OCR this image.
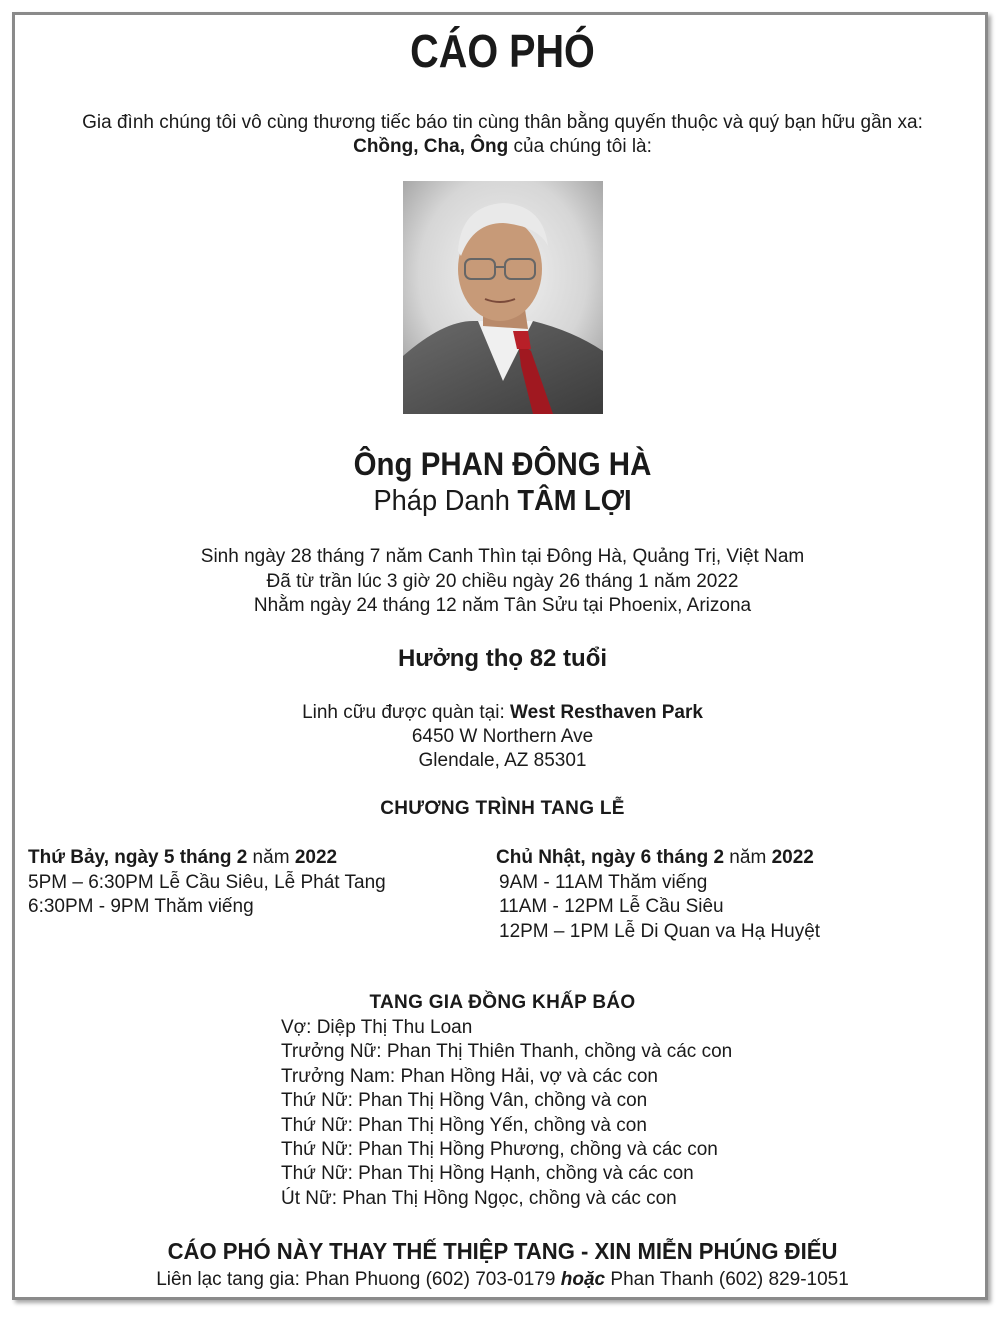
CÁO PHÓ
Gia đình chúng tôi vô cùng thương tiếc báo tin cùng thân bằng quyến thuộc và quý bạn hữu gần xa:
Chồng, Cha, Ông của chúng tôi là:
Ông PHAN ĐÔNG HÀ
Pháp Danh TÂM LỢI
Sinh ngày 28 tháng 7 năm Canh Thìn tại Đông Hà, Quảng Trị, Việt Nam
Đã từ trần lúc 3 giờ 20 chiều ngày 26 tháng 1 năm 2022
Nhằm ngày 24 tháng 12 năm Tân Sửu tại Phoenix, Arizona
Hưởng thọ 82 tuổi
Linh cữu được quàn tại: West Resthaven Park
6450 W Northern Ave
Glendale, AZ 85301
CHƯƠNG TRÌNH TANG LỄ
Thứ Bảy, ngày 5 tháng 2 năm 2022
5PM – 6:30PM Lễ Cầu Siêu, Lễ Phát Tang
6:30PM - 9PM Thăm viếng
Chủ Nhật, ngày 6 tháng 2 năm 2022
9AM - 11AM Thăm viếng
11AM - 12PM Lễ Cầu Siêu
12PM – 1PM Lễ Di Quan va Hạ Huyệt
TANG GIA ĐỒNG KHẤP BÁO
Vợ: Diệp Thị Thu Loan
Trưởng Nữ: Phan Thị Thiên Thanh, chồng và các con
Trưởng Nam: Phan Hồng Hải, vợ và các con
Thứ Nữ: Phan Thị Hồng Vân, chồng và con
Thứ Nữ: Phan Thị Hồng Yến, chồng và con
Thứ Nữ: Phan Thị Hồng Phương, chồng và các con
Thứ Nữ: Phan Thị Hồng Hạnh, chồng và các con
Út Nữ: Phan Thị Hồng Ngọc, chồng và các con
CÁO PHÓ NÀY THAY THẾ THIỆP TANG - XIN MIỄN PHÚNG ĐIẾU
Liên lạc tang gia: Phan Phuong (602) 703-0179 hoặc Phan Thanh (602) 829-1051
